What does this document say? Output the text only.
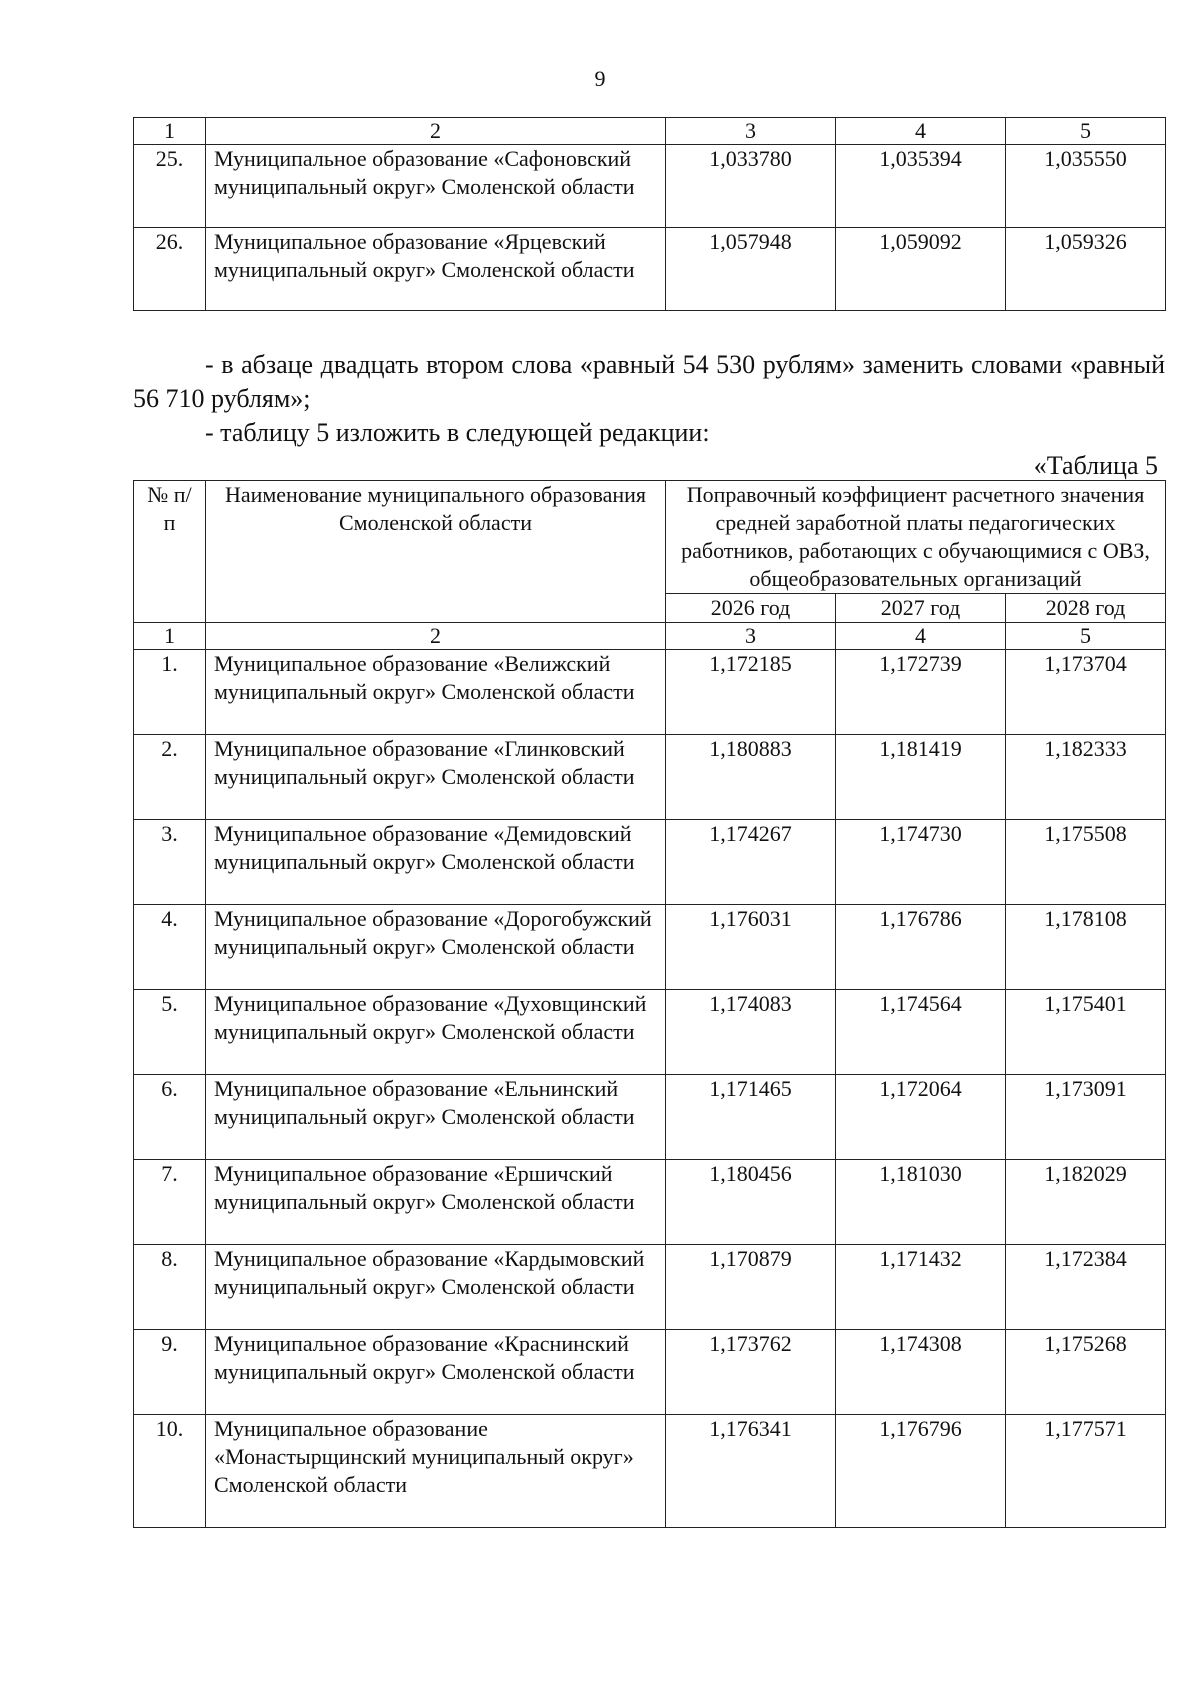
9
1	2	3	4	5
25.	Муниципальное образование «Сафоновский муниципальный округ» Смоленской области	1,033780	1,035394	1,035550
26.	Муниципальное образование «Ярцевский муниципальный округ» Смоленской области	1,057948	1,059092	1,059326
- в абзаце двадцать втором слова «равный 54 530 рублям» заменить словами «равный 56 710 рублям»;
- таблицу 5 изложить в следующей редакции:
«Таблица 5
№ п/п	Наименование муниципального образования Смоленской области	Поправочный коэффициент расчетного значения средней заработной платы педагогических работников, работающих с обучающимися с ОВЗ, общеобразовательных организаций		
		2026 год	2027 год	2028 год
1	2	3	4	5
1.	Муниципальное образование «Велижский муниципальный округ» Смоленской области	1,172185	1,172739	1,173704
2.	Муниципальное образование «Глинковский муниципальный округ» Смоленской области	1,180883	1,181419	1,182333
3.	Муниципальное образование «Демидовский муниципальный округ» Смоленской области	1,174267	1,174730	1,175508
4.	Муниципальное образование «Дорогобужский муниципальный округ» Смоленской области	1,176031	1,176786	1,178108
5.	Муниципальное образование «Духовщинский муниципальный округ» Смоленской области	1,174083	1,174564	1,175401
6.	Муниципальное образование «Ельнинский муниципальный округ» Смоленской области	1,171465	1,172064	1,173091
7.	Муниципальное образование «Ершичский муниципальный округ» Смоленской области	1,180456	1,181030	1,182029
8.	Муниципальное образование «Кардымовский муниципальный округ» Смоленской области	1,170879	1,171432	1,172384
9.	Муниципальное образование «Краснинский муниципальный округ» Смоленской области	1,173762	1,174308	1,175268
10.	Муниципальное образование «Монастырщинский муниципальный округ» Смоленской области	1,176341	1,176796	1,177571
